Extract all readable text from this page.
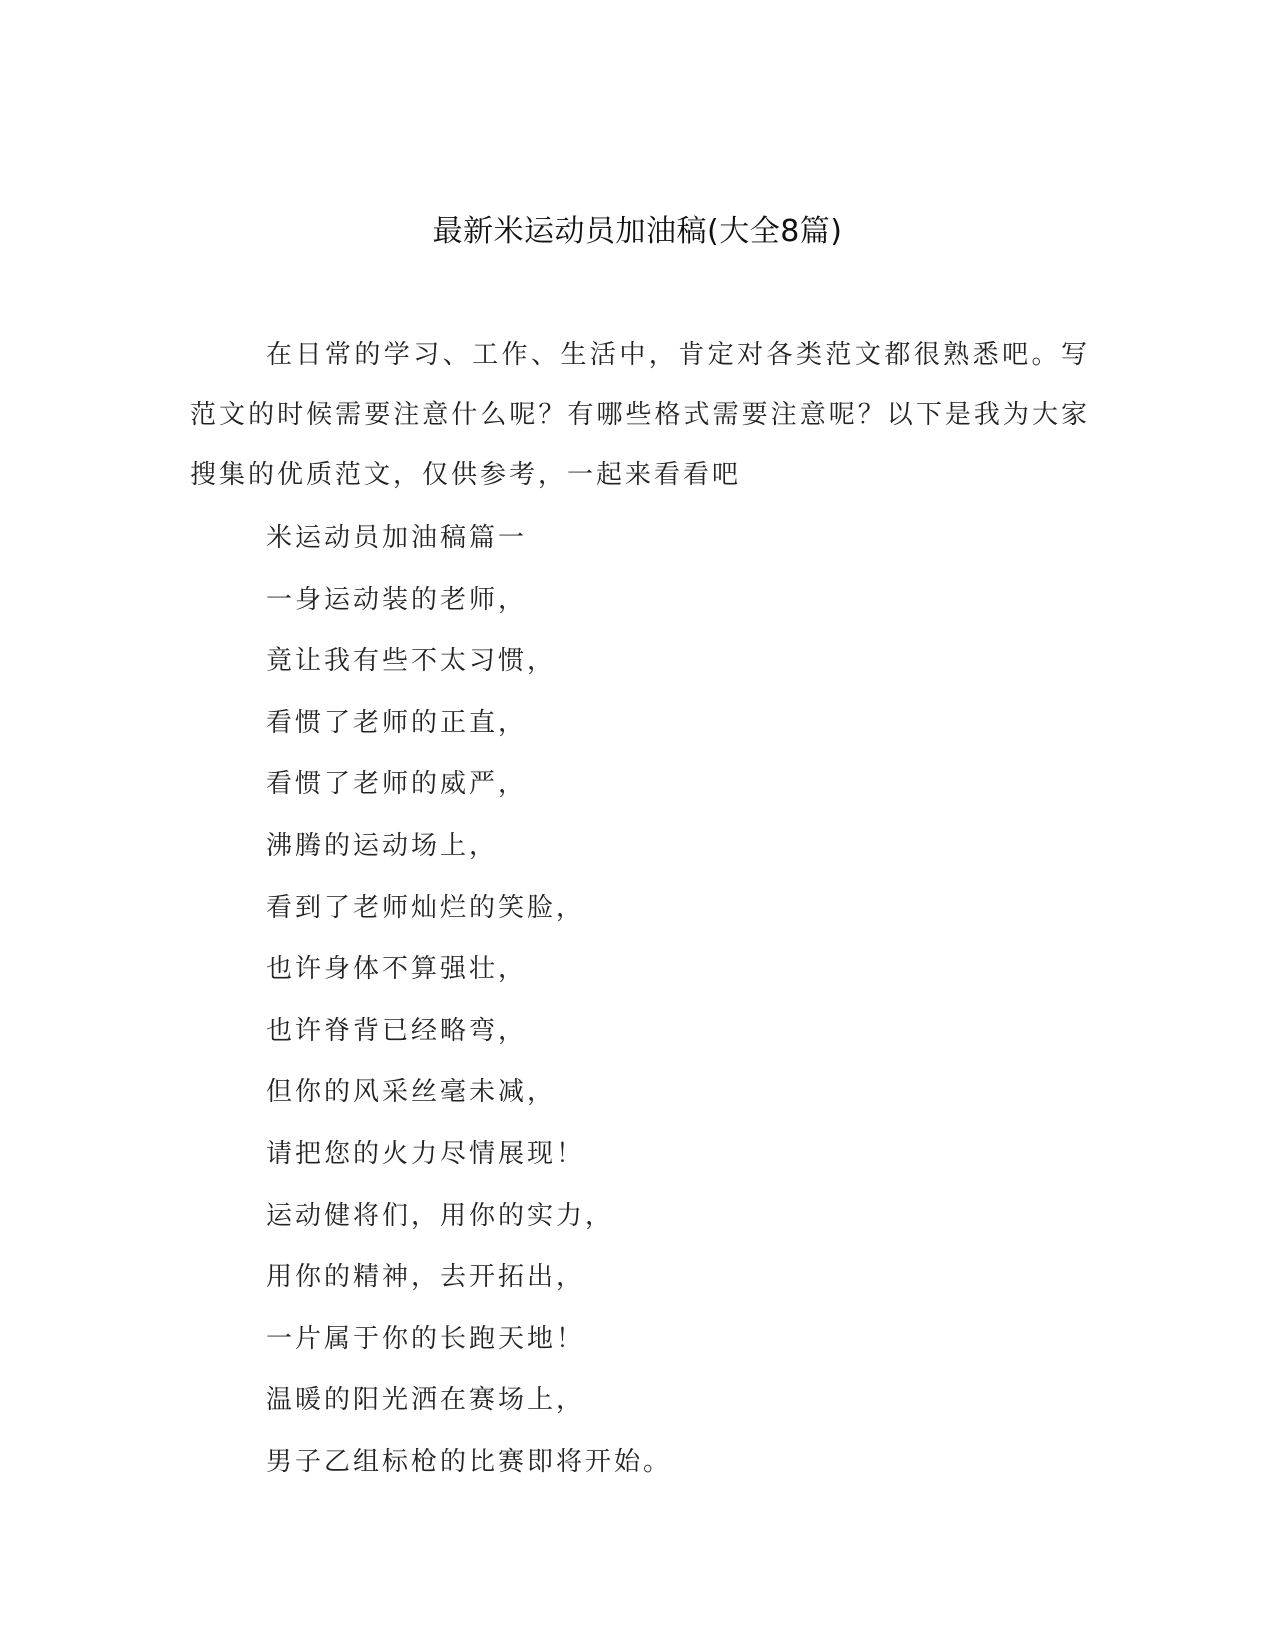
最新米运动员加油稿(大全8篇)

在日常的学习、工作、生活中，肯定对各类范文都很熟悉吧。写范文的时候需要注意什么呢？有哪些格式需要注意呢？以下是我为大家搜集的优质范文，仅供参考，一起来看看吧

米运动员加油稿篇一
一身运动装的老师，
竟让我有些不太习惯，
看惯了老师的正直，
看惯了老师的威严，
沸腾的运动场上，
看到了老师灿烂的笑脸，
也许身体不算强壮，
也许脊背已经略弯，
但你的风采丝毫未减，
请把您的火力尽情展现！
运动健将们，用你的实力，
用你的精神，去开拓出，
一片属于你的长跑天地！
温暖的阳光洒在赛场上，
男子乙组标枪的比赛即将开始。
